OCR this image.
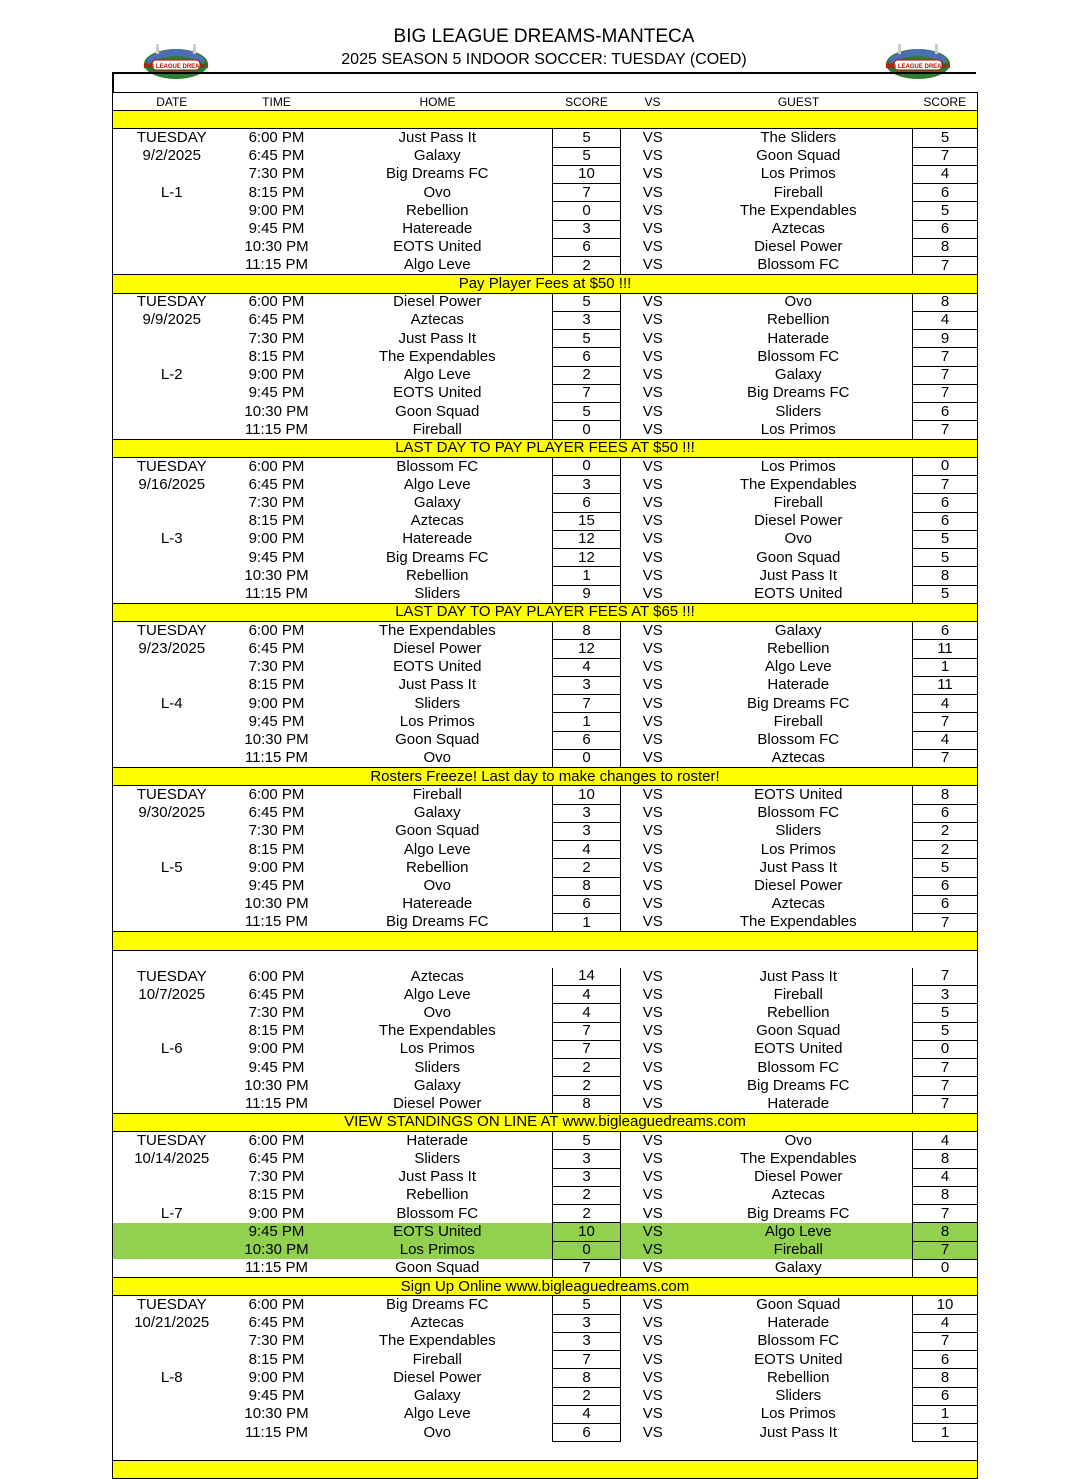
BIG LEAGUE DREAMS-MANTECA
2025 SEASON 5 INDOOR SOCCER: TUESDAY (COED)
BIG LEAGUE DREAMS	BIG LEAGUE DREAMS
DATE	TIME	HOME	SCORE	VS	GUEST	SCORE

TUESDAY	6:00 PM	Just Pass It	5	VS	The Sliders	5
9/2/2025	6:45 PM	Galaxy	5	VS	Goon Squad	7
	7:30 PM	Big Dreams FC	10	VS	Los Primos	4
L-1	8:15 PM	Ovo	7	VS	Fireball	6
	9:00 PM	Rebellion	0	VS	The Expendables	5
	9:45 PM	Hatereade	3	VS	Aztecas	6
	10:30 PM	EOTS United	6	VS	Diesel Power	8
	11:15 PM	Algo Leve	2	VS	Blossom FC	7
Pay Player Fees at $50 !!!						
TUESDAY	6:00 PM	Diesel Power	5	VS	Ovo	8
9/9/2025	6:45 PM	Aztecas	3	VS	Rebellion	4
	7:30 PM	Just Pass It	5	VS	Haterade	9
	8:15 PM	The Expendables	6	VS	Blossom FC	7
L-2	9:00 PM	Algo Leve	2	VS	Galaxy	7
	9:45 PM	EOTS United	7	VS	Big Dreams FC	7
	10:30 PM	Goon Squad	5	VS	Sliders	6
	11:15 PM	Fireball	0	VS	Los Primos	7
LAST DAY TO PAY PLAYER FEES AT $50 !!!						
TUESDAY	6:00 PM	Blossom FC	0	VS	Los Primos	0
9/16/2025	6:45 PM	Algo Leve	3	VS	The Expendables	7
	7:30 PM	Galaxy	6	VS	Fireball	6
	8:15 PM	Aztecas	15	VS	Diesel Power	6
L-3	9:00 PM	Hatereade	12	VS	Ovo	5
	9:45 PM	Big Dreams FC	12	VS	Goon Squad	5
	10:30 PM	Rebellion	1	VS	Just Pass It	8
	11:15 PM	Sliders	9	VS	EOTS United	5
LAST DAY TO PAY PLAYER FEES AT $65 !!!						
TUESDAY	6:00 PM	The Expendables	8	VS	Galaxy	6
9/23/2025	6:45 PM	Diesel Power	12	VS	Rebellion	11
	7:30 PM	EOTS United	4	VS	Algo Leve	1
	8:15 PM	Just Pass It	3	VS	Haterade	11
L-4	9:00 PM	Sliders	7	VS	Big Dreams FC	4
	9:45 PM	Los Primos	1	VS	Fireball	7
	10:30 PM	Goon Squad	6	VS	Blossom FC	4
	11:15 PM	Ovo	0	VS	Aztecas	7
Rosters Freeze! Last day to make changes to roster!						
TUESDAY	6:00 PM	Fireball	10	VS	EOTS United	8
9/30/2025	6:45 PM	Galaxy	3	VS	Blossom FC	6
	7:30 PM	Goon Squad	3	VS	Sliders	2
	8:15 PM	Algo Leve	4	VS	Los Primos	2
L-5	9:00 PM	Rebellion	2	VS	Just Pass It	5
	9:45 PM	Ovo	8	VS	Diesel Power	6
	10:30 PM	Hatereade	6	VS	Aztecas	6
	11:15 PM	Big Dreams FC	1	VS	The Expendables	7

TUESDAY	6:00 PM	Aztecas	14	VS	Just Pass It	7
10/7/2025	6:45 PM	Algo Leve	4	VS	Fireball	3
	7:30 PM	Ovo	4	VS	Rebellion	5
	8:15 PM	The Expendables	7	VS	Goon Squad	5
L-6	9:00 PM	Los Primos	7	VS	EOTS United	0
	9:45 PM	Sliders	2	VS	Blossom FC	7
	10:30 PM	Galaxy	2	VS	Big Dreams FC	7
	11:15 PM	Diesel Power	8	VS	Haterade	7
VIEW STANDINGS ON LINE AT www.bigleaguedreams.com						
TUESDAY	6:00 PM	Haterade	5	VS	Ovo	4
10/14/2025	6:45 PM	Sliders	3	VS	The Expendables	8
	7:30 PM	Just Pass It	3	VS	Diesel Power	4
	8:15 PM	Rebellion	2	VS	Aztecas	8
L-7	9:00 PM	Blossom FC	2	VS	Big Dreams FC	7
	9:45 PM	EOTS United	10	VS	Algo Leve	8
	10:30 PM	Los Primos	0	VS	Fireball	7
	11:15 PM	Goon Squad	7	VS	Galaxy	0
Sign Up Online www.bigleaguedreams.com						
TUESDAY	6:00 PM	Big Dreams FC	5	VS	Goon Squad	10
10/21/2025	6:45 PM	Aztecas	3	VS	Haterade	4
	7:30 PM	The Expendables	3	VS	Blossom FC	7
	8:15 PM	Fireball	7	VS	EOTS United	6
L-8	9:00 PM	Diesel Power	8	VS	Rebellion	8
	9:45 PM	Galaxy	2	VS	Sliders	6
	10:30 PM	Algo Leve	4	VS	Los Primos	1
	11:15 PM	Ovo	6	VS	Just Pass It	1
